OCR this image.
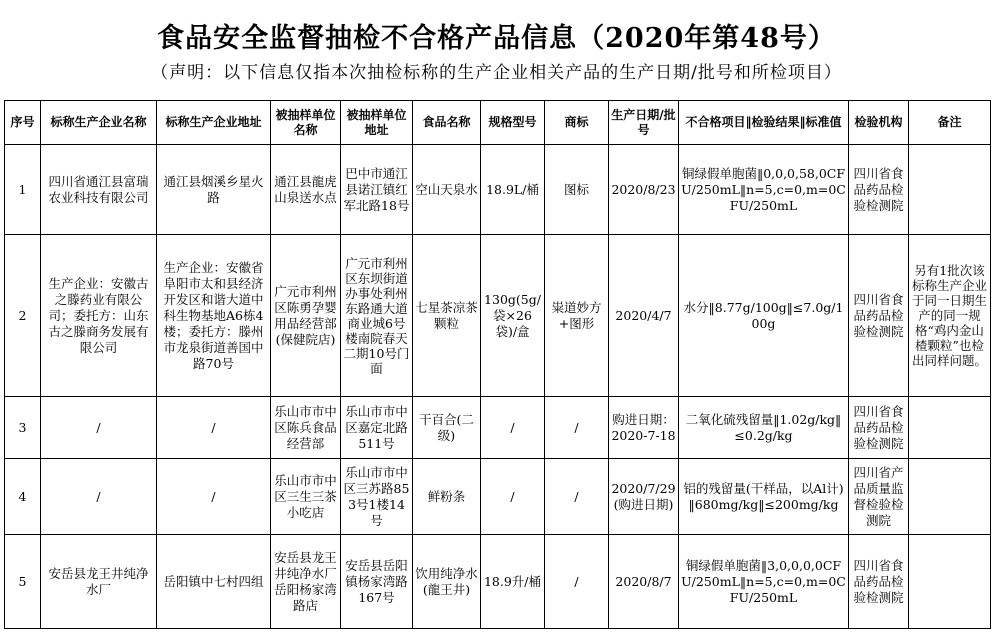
食品安全监督抽检不合格产品信息（2020年第48号）
（声明：以下信息仅指本次抽检标称的生产企业相关产品的生产日期/批号和所检项目）
序号	标称生产企业名称	标称生产企业地址	被抽样单位名称	被抽样单位地址	食品名称	规格型号	商标	生产日期/批号	不合格项目‖检验结果‖标准值	检验机构	备注
1	四川省通江县富瑞农业科技有限公司	通江县烟溪乡星火路	通江县龍虎山泉送水点	巴中市通江县诺江镇红军北路18号	空山天泉水	18.9L/桶	图标	2020/8/23	铜绿假单胞菌‖0,0,0,58,0CFU/250mL‖n=5,c=0,m=0CFU/250mL	四川省食品药品检验检测院	
2	生产企业：安徽古之滕药业有限公司；委托方：山东古之滕商务发展有限公司	生产企业：安徽省阜阳市太和县经济开发区和谐大道中科生物基地A6栋4楼；委托方：滕州市龙泉街道善国中路70号	广元市利州区陈勇孕婴用品经营部(保健院店)	广元市利州区东坝街道办事处利州东路通大道商业城6号楼南院春天二期10号门面	七星茶凉茶颗粒	130g(5g/袋×26袋)/盒	粜道妙方+图形	2020/4/7	水分‖8.77g/100g‖≤7.0g/100g	四川省食品药品检验检测院	另有1批次该标称生产企业于同一日期生产的同一规格“鸡内金山楂颗粒”也检出同样问题。
3	/	/	乐山市市中区陈兵食品经营部	乐山市市中区嘉定北路511号	干百合(二级)	/	/	购进日期：2020-7-18	二氧化硫残留量‖1.02g/kg‖≤0.2g/kg	四川省食品药品检验检测院	
4	/	/	乐山市市中区三生三茶小吃店	乐山市市中区三苏路853号1楼14号	鲜粉条	/	/	2020/7/29(购进日期)	铝的残留量(干样品，以Al计)‖680mg/kg‖≤200mg/kg	四川省产品质量监督检验检测院	
5	安岳县龙王井纯净水厂	岳阳镇中七村四组	安岳县龙王井纯净水厂岳阳杨家湾路店	安岳县岳阳镇杨家湾路167号	饮用纯净水(龍王井)	18.9升/桶	/	2020/8/7	铜绿假单胞菌‖3,0,0,0,0CFU/250mL‖n=5,c=0,m=0CFU/250mL	四川省食品药品检验检测院	
